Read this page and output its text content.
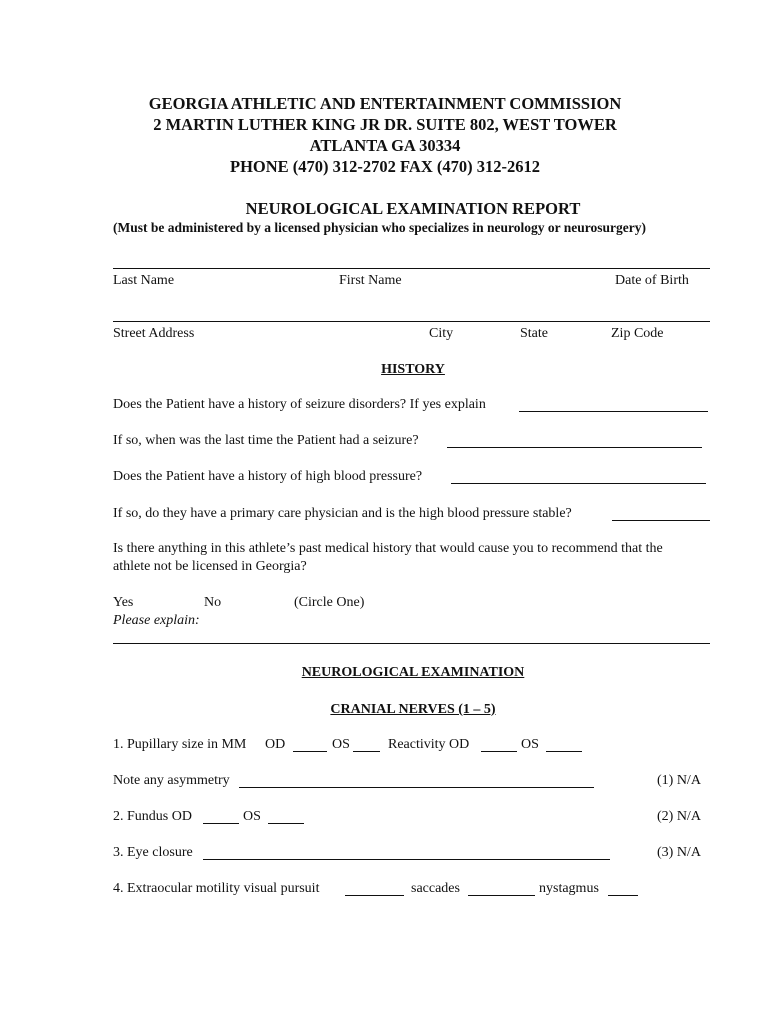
GEORGIA ATHLETIC AND ENTERTAINMENT COMMISSION
2 MARTIN LUTHER KING JR DR. SUITE 802, WEST TOWER
ATLANTA GA 30334
PHONE (470) 312-2702 FAX (470) 312-2612
NEUROLOGICAL EXAMINATION REPORT
(Must be administered by a licensed physician who specializes in neurology or neurosurgery)
Last Name	First Name	Date of Birth
Street Address	City	State	Zip Code
HISTORY
Does the Patient have a history of seizure disorders? If yes explain
If so, when was the last time the Patient had a seizure?
Does the Patient have a history of high blood pressure?
If so, do they have a primary care physician and is the high blood pressure stable?
Is there anything in this athlete’s past medical history that would cause you to recommend that the
athlete not be licensed in Georgia?
Yes	No	(Circle One)
Please explain:
NEUROLOGICAL EXAMINATION
CRANIAL NERVES (1 – 5)
1. Pupillary size in MM OD	OS	Reactivity OD	OS
Note any asymmetry	(1) N/A
2. Fundus OD	OS	(2) N/A
3. Eye closure	(3) N/A
4. Extraocular motility visual pursuit	saccades	nystagmus
